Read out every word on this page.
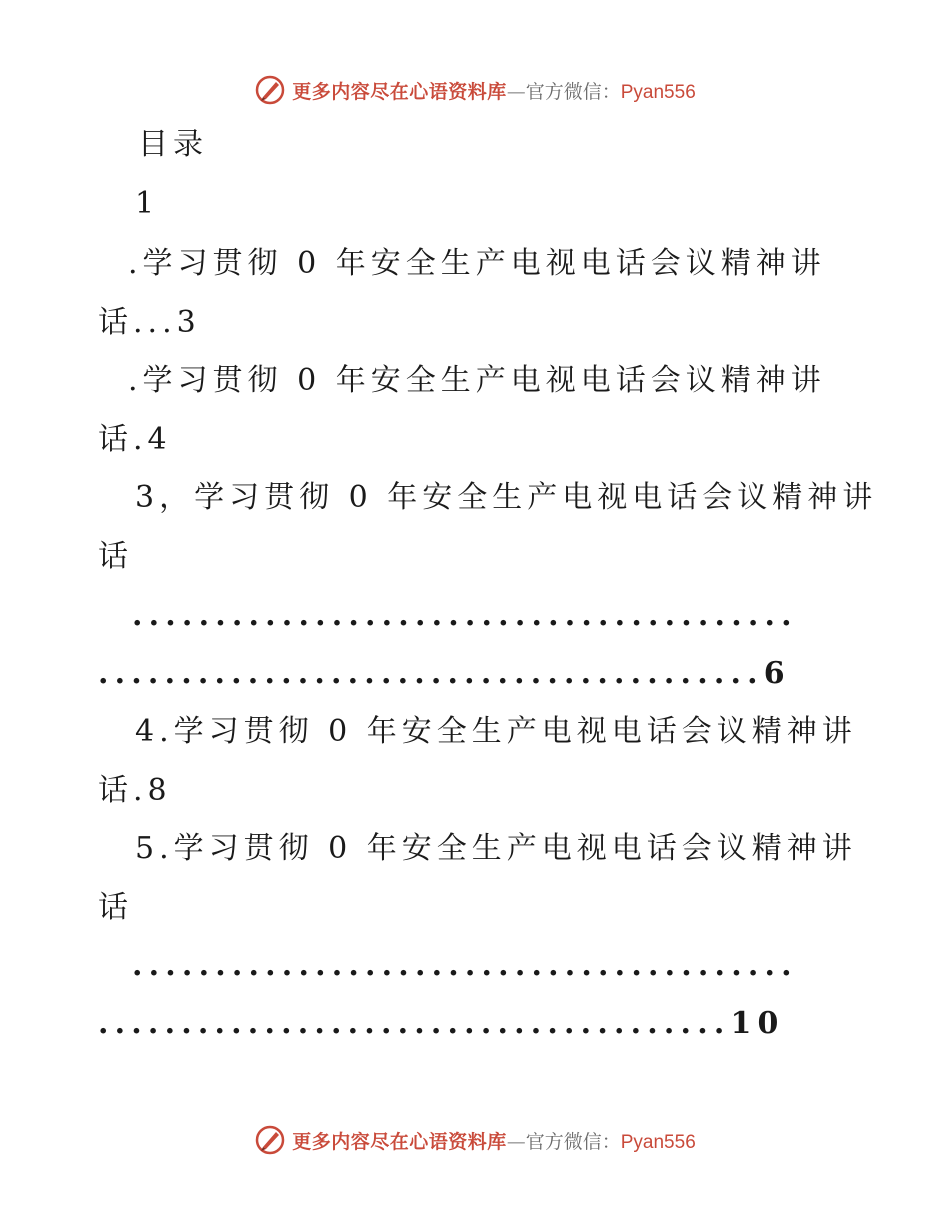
更多内容尽在心语资料库—官方微信：Pyan556
目录
1
.学习贯彻 0 年安全生产电视电话会议精神讲
话...3
.学习贯彻 0 年安全生产电视电话会议精神讲
话.4
3，学习贯彻 0 年安全生产电视电话会议精神讲
话
........................................
........................................6
4.学习贯彻 0 年安全生产电视电话会议精神讲
话.8
5.学习贯彻 0 年安全生产电视电话会议精神讲
话
........................................
......................................10
更多内容尽在心语资料库—官方微信：Pyan556
